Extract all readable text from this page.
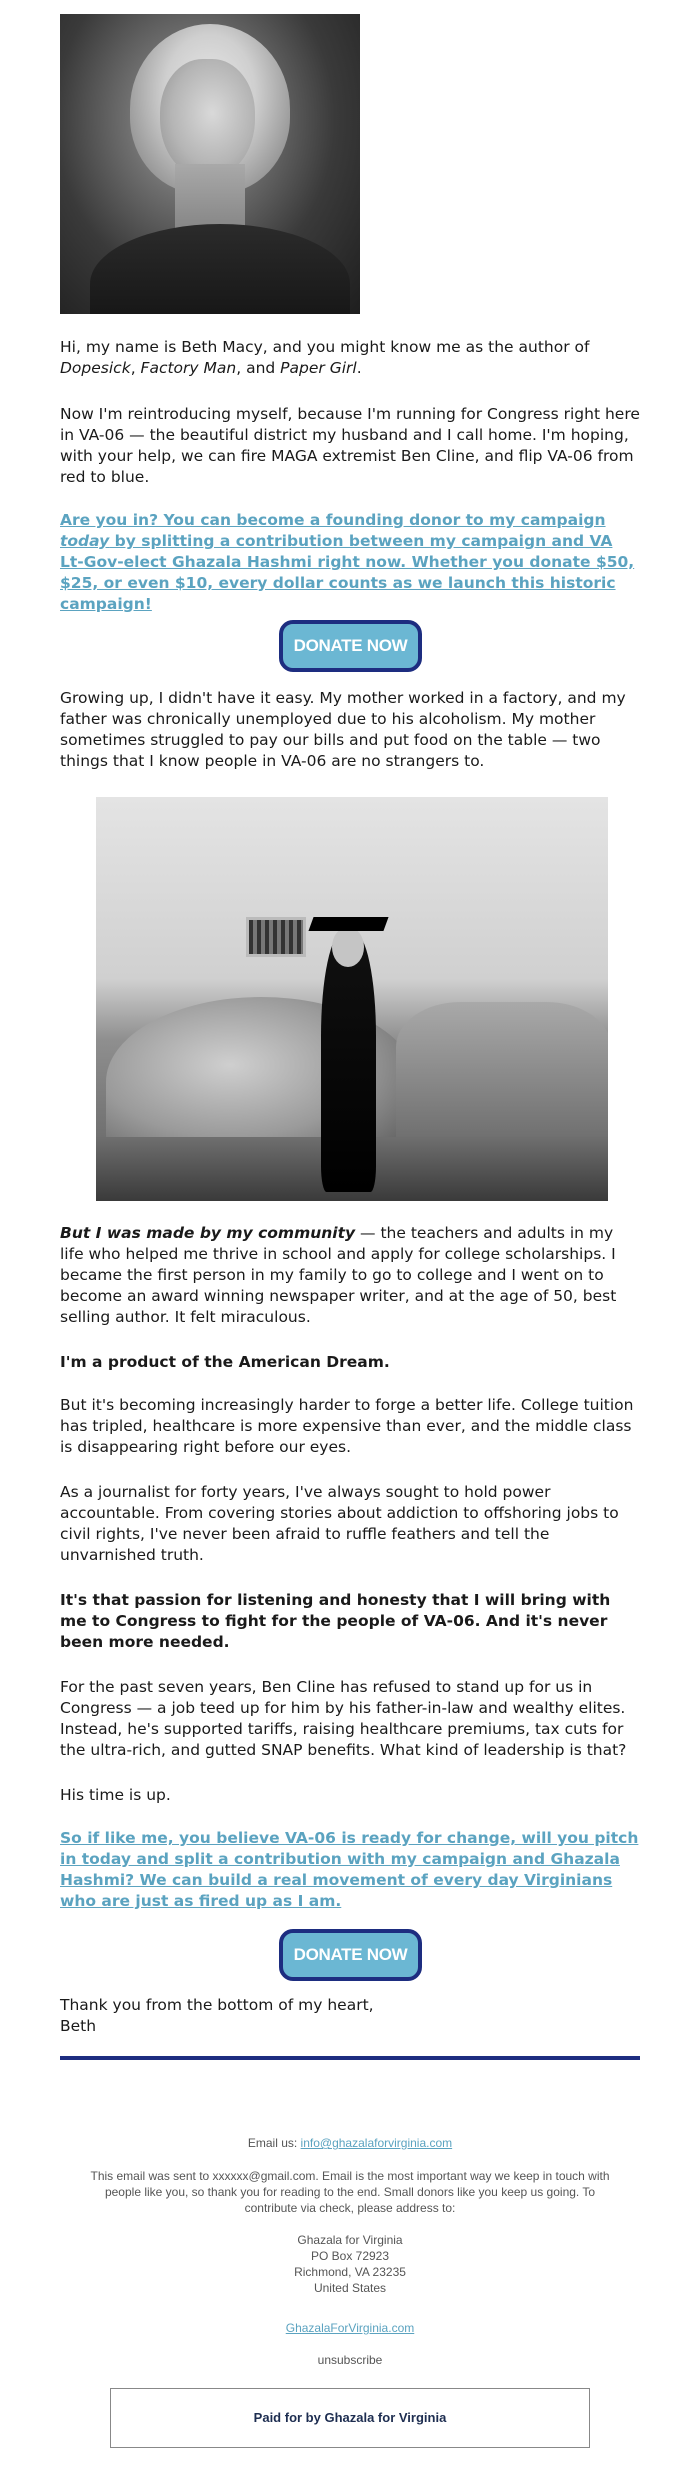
Hi, my name is Beth Macy, and you might know me as the author of
Dopesick, Factory Man, and Paper Girl.

Now I'm reintroducing myself, because I'm running for Congress right here in VA-06 — the beautiful district my husband and I call home. I'm hoping, with your help, we can fire MAGA extremist Ben Cline, and flip VA-06 from red to blue.

Are you in? You can become a founding donor to my campaign today by splitting a contribution between my campaign and VA Lt-Gov-elect Ghazala Hashmi right now. Whether you donate $50, $25, or even $10, every dollar counts as we launch this historic campaign!

DONATE NOW

Growing up, I didn't have it easy. My mother worked in a factory, and my father was chronically unemployed due to his alcoholism. My mother sometimes struggled to pay our bills and put food on the table — two things that I know people in VA-06 are no strangers to.

But I was made by my community — the teachers and adults in my life who helped me thrive in school and apply for college scholarships. I became the first person in my family to go to college and I went on to become an award winning newspaper writer, and at the age of 50, best selling author. It felt miraculous.

I'm a product of the American Dream.

But it's becoming increasingly harder to forge a better life. College tuition has tripled, healthcare is more expensive than ever, and the middle class is disappearing right before our eyes.

As a journalist for forty years, I've always sought to hold power accountable. From covering stories about addiction to offshoring jobs to civil rights, I've never been afraid to ruffle feathers and tell the unvarnished truth.

It's that passion for listening and honesty that I will bring with me to Congress to fight for the people of VA-06. And it's never been more needed.

For the past seven years, Ben Cline has refused to stand up for us in Congress — a job teed up for him by his father-in-law and wealthy elites. Instead, he's supported tariffs, raising healthcare premiums, tax cuts for the ultra-rich, and gutted SNAP benefits. What kind of leadership is that?

His time is up.

So if like me, you believe VA-06 is ready for change, will you pitch in today and split a contribution with my campaign and Ghazala Hashmi? We can build a real movement of every day Virginians who are just as fired up as I am.

DONATE NOW

Thank you from the bottom of my heart,
Beth

Email us: info@ghazalaforvirginia.com
This email was sent to xxxxxx@gmail.com. Email is the most important way we keep in touch with people like you, so thank you for reading to the end. Small donors like you keep us going. To contribute via check, please address to:
Ghazala for Virginia
PO Box 72923
Richmond, VA 23235
United States
GhazalaForVirginia.com
unsubscribe
Paid for by Ghazala for Virginia
